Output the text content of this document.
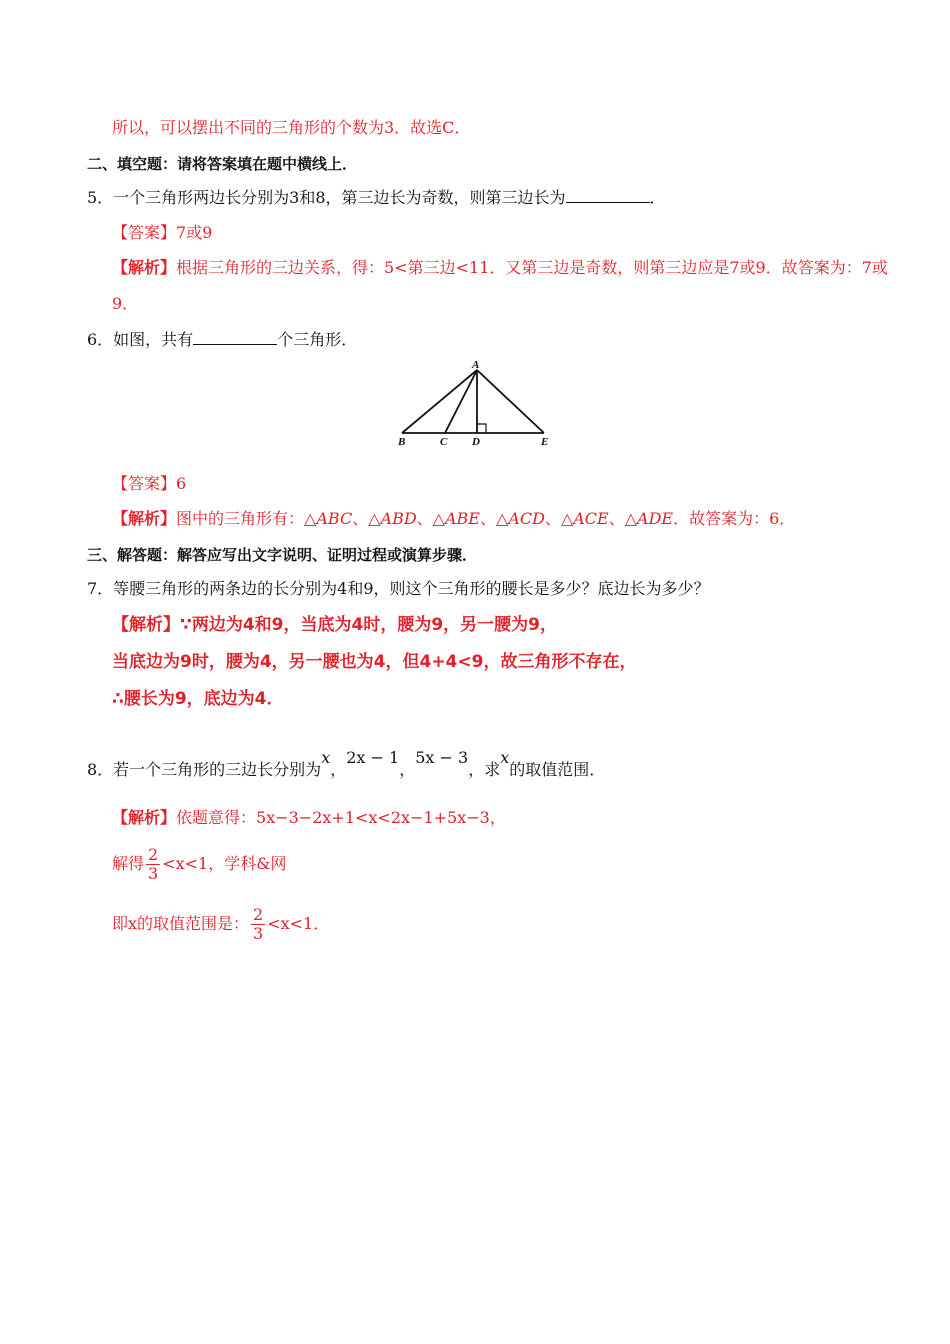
所以，可以摆出不同的三角形的个数为3．故选C．
二、填空题：请将答案填在题中横线上．
5．一个三角形两边长分别为3和8，第三边长为奇数，则第三边长为	．
【答案】7或9
【解析】根据三角形的三边关系，得：5<第三边<11．又第三边是奇数，则第三边应是7或9．故答案为：7或
9．
6．如图，共有	个三角形．
A
B	C D	E
【答案】6
【解析】图中的三角形有：△ABC、△ABD、△ABE、△ACD、△ACE、△ADE．故答案为：6．
三、解答题：解答应写出文字说明、证明过程或演算步骤．
7．等腰三角形的两条边的长分别为4和9，则这个三角形的腰长是多少？底边长为多少？
【解析】∵两边为4和9，当底为4时，腰为9，另一腰为9，
当底边为9时，腰为4，另一腰也为4，但4+4<9，故三角形不存在，
∴腰长为9，底边为4．
8．若一个三角形的三边长分别为x，2x − 1，5x − 3，求x的取值范围．
【解析】依题意得：5x−3−2x+1<x<2x−1+5x−3，
解得 $\frac{2}{3} <x<1$，学科&网
即x的取值范围是： $\frac{2}{3} <x<1$．
